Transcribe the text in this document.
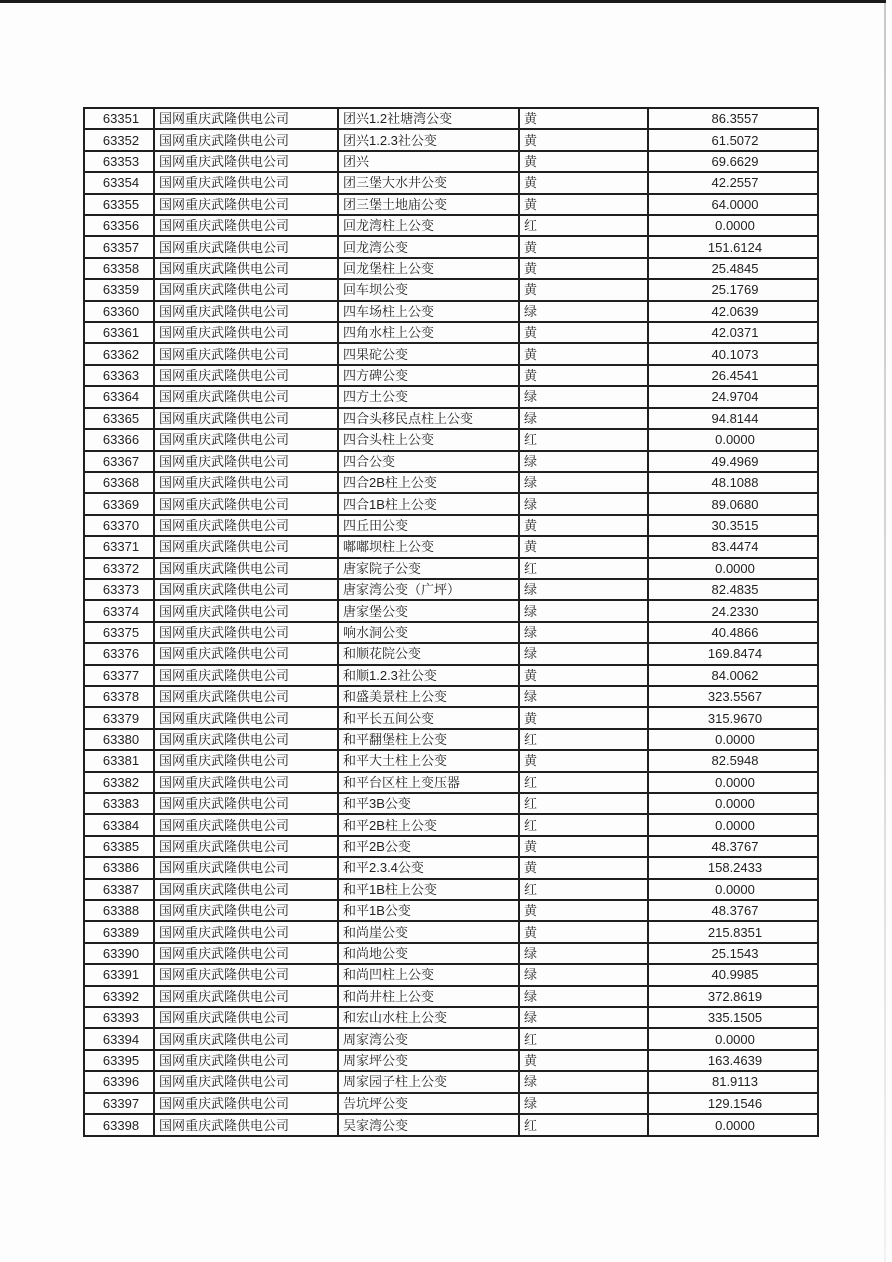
63351	国网重庆武隆供电公司	团兴1.2社塘湾公变	黄	86.3557
63352	国网重庆武隆供电公司	团兴1.2.3社公变	黄	61.5072
63353	国网重庆武隆供电公司	团兴	黄	69.6629
63354	国网重庆武隆供电公司	团三堡大水井公变	黄	42.2557
63355	国网重庆武隆供电公司	团三堡土地庙公变	黄	64.0000
63356	国网重庆武隆供电公司	回龙湾柱上公变	红	0.0000
63357	国网重庆武隆供电公司	回龙湾公变	黄	151.6124
63358	国网重庆武隆供电公司	回龙堡柱上公变	黄	25.4845
63359	国网重庆武隆供电公司	回车坝公变	黄	25.1769
63360	国网重庆武隆供电公司	四车场柱上公变	绿	42.0639
63361	国网重庆武隆供电公司	四角水柱上公变	黄	42.0371
63362	国网重庆武隆供电公司	四果砣公变	黄	40.1073
63363	国网重庆武隆供电公司	四方碑公变	黄	26.4541
63364	国网重庆武隆供电公司	四方土公变	绿	24.9704
63365	国网重庆武隆供电公司	四合头移民点柱上公变	绿	94.8144
63366	国网重庆武隆供电公司	四合头柱上公变	红	0.0000
63367	国网重庆武隆供电公司	四合公变	绿	49.4969
63368	国网重庆武隆供电公司	四合2B柱上公变	绿	48.1088
63369	国网重庆武隆供电公司	四合1B柱上公变	绿	89.0680
63370	国网重庆武隆供电公司	四丘田公变	黄	30.3515
63371	国网重庆武隆供电公司	嘟嘟坝柱上公变	黄	83.4474
63372	国网重庆武隆供电公司	唐家院子公变	红	0.0000
63373	国网重庆武隆供电公司	唐家湾公变（广坪）	绿	82.4835
63374	国网重庆武隆供电公司	唐家堡公变	绿	24.2330
63375	国网重庆武隆供电公司	响水洞公变	绿	40.4866
63376	国网重庆武隆供电公司	和顺花院公变	绿	169.8474
63377	国网重庆武隆供电公司	和顺1.2.3社公变	黄	84.0062
63378	国网重庆武隆供电公司	和盛美景柱上公变	绿	323.5567
63379	国网重庆武隆供电公司	和平长五间公变	黄	315.9670
63380	国网重庆武隆供电公司	和平翻堡柱上公变	红	0.0000
63381	国网重庆武隆供电公司	和平大土柱上公变	黄	82.5948
63382	国网重庆武隆供电公司	和平台区柱上变压器	红	0.0000
63383	国网重庆武隆供电公司	和平3B公变	红	0.0000
63384	国网重庆武隆供电公司	和平2B柱上公变	红	0.0000
63385	国网重庆武隆供电公司	和平2B公变	黄	48.3767
63386	国网重庆武隆供电公司	和平2.3.4公变	黄	158.2433
63387	国网重庆武隆供电公司	和平1B柱上公变	红	0.0000
63388	国网重庆武隆供电公司	和平1B公变	黄	48.3767
63389	国网重庆武隆供电公司	和尚崖公变	黄	215.8351
63390	国网重庆武隆供电公司	和尚地公变	绿	25.1543
63391	国网重庆武隆供电公司	和尚凹柱上公变	绿	40.9985
63392	国网重庆武隆供电公司	和尚井柱上公变	绿	372.8619
63393	国网重庆武隆供电公司	和宏山水柱上公变	绿	335.1505
63394	国网重庆武隆供电公司	周家湾公变	红	0.0000
63395	国网重庆武隆供电公司	周家坪公变	黄	163.4639
63396	国网重庆武隆供电公司	周家园子柱上公变	绿	81.9113
63397	国网重庆武隆供电公司	告坑坪公变	绿	129.1546
63398	国网重庆武隆供电公司	吴家湾公变	红	0.0000
